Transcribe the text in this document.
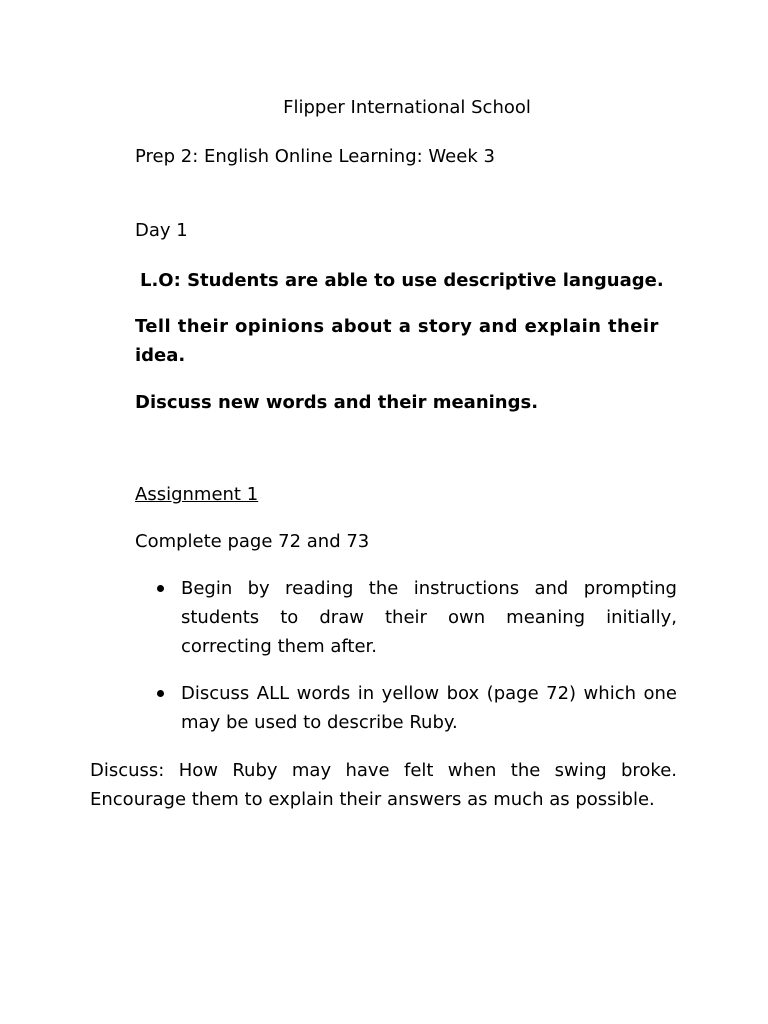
Flipper International School
Prep 2: English Online Learning: Week 3
Day 1
L.O: Students are able to use descriptive language.
Tell their opinions about a story and explain their
idea.
Discuss new words and their meanings.
Assignment 1
Complete page 72 and 73
Begin by reading the instructions and prompting students to draw their own meaning initially, correcting them after.
Discuss ALL words in yellow box (page 72) which one may be used to describe Ruby.
Discuss: How Ruby may have felt when the swing broke. Encourage them to explain their answers as much as possible.
